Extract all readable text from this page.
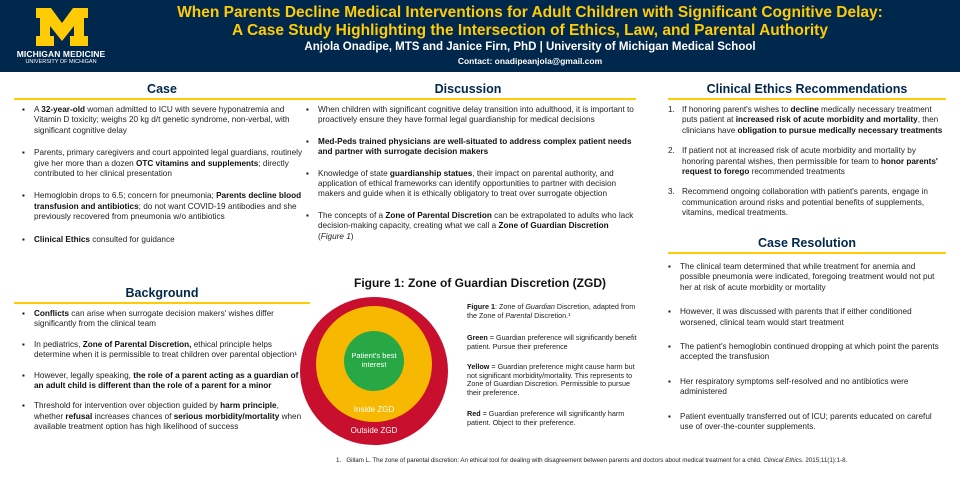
MICHIGAN MEDICINE
UNIVERSITY OF MICHIGAN
When Parents Decline Medical Interventions for Adult Children with Significant Cognitive Delay:
A Case Study Highlighting the Intersection of Ethics, Law, and Parental Authority
Anjola Onadipe, MTS and Janice Firn, PhD | University of Michigan Medical School
Contact: onadipeanjola@gmail.com
Case
▪ A 32-year-old woman admitted to ICU with severe hyponatremia and Vitamin D toxicity; weighs 20 kg d/t genetic syndrome, non-verbal, with significant cognitive delay
▪ Parents, primary caregivers and court appointed legal guardians, routinely give her more than a dozen OTC vitamins and supplements; directly contributed to her clinical presentation
▪ Hemoglobin drops to 6.5; concern for pneumonia; Parents decline blood transfusion and antibiotics; do not want COVID-19 antibodies and she previously recovered from pneumonia w/o antibiotics
▪ Clinical Ethics consulted for guidance
Background
▪ Conflicts can arise when surrogate decision makers' wishes differ significantly from the clinical team
▪ In pediatrics, Zone of Parental Discretion, ethical principle helps determine when it is permissible to treat children over parental objection¹
▪ However, legally speaking, the role of a parent acting as a guardian of an adult child is different than the role of a parent for a minor
▪ Threshold for intervention over objection guided by harm principle, whether refusal increases chances of serious morbidity/mortality when available treatment option has high likelihood of success
Discussion
▪ When children with significant cognitive delay transition into adulthood, it is important to proactively ensure they have formal legal guardianship for medical decisions
▪ Med-Peds trained physicians are well-situated to address complex patient needs and partner with surrogate decision makers
▪ Knowledge of state guardianship statues, their impact on parental authority, and application of ethical frameworks can identify opportunities to partner with decision makers and guide when it is ethically obligatory to treat over surrogate objection
▪ The concepts of a Zone of Parental Discretion can be extrapolated to adults who lack decision-making capacity, creating what we call a Zone of Guardian Discretion (Figure 1)
Figure 1: Zone of Guardian Discretion (ZGD)
Patient's best interest
Inside ZGD
Outside ZGD
Figure 1: Zone of Guardian Discretion, adapted from the Zone of Parental Discretion.¹
Green = Guardian preference will significantly benefit patient. Pursue their preference
Yellow = Guardian preference might cause harm but not significant morbidity/mortality. This represents to Zone of Guardian Discretion. Permissible to pursue their preference.
Red = Guardian preference will significantly harm patient. Object to their preference.
Clinical Ethics Recommendations
1. If honoring parent's wishes to decline medically necessary treatment puts patient at increased risk of acute morbidity and mortality, then clinicians have obligation to pursue medically necessary treatments
2. If patient not at increased risk of acute morbidity and mortality by honoring parental wishes, then permissible for team to honor parents' request to forego recommended treatments
3. Recommend ongoing collaboration with patient's parents, engage in communication around risks and potential benefits of supplements, vitamins, medical treatments.
Case Resolution
▪ The clinical team determined that while treatment for anemia and possible pneumonia were indicated, foregoing treatment would not put her at risk of acute morbidity or mortality
▪ However, it was discussed with parents that if either conditioned worsened, clinical team would start treatment
▪ The patient's hemoglobin continued dropping at which point the parents accepted the transfusion
▪ Her respiratory symptoms self-resolved and no antibiotics were administered
▪ Patient eventually transferred out of ICU; parents educated on careful use of over-the-counter supplements.
1. Gillam L. The zone of parental discretion: An ethical tool for dealing with disagreement between parents and doctors about medical treatment for a child. Clinical Ethics. 2015;11(1):1-8.
